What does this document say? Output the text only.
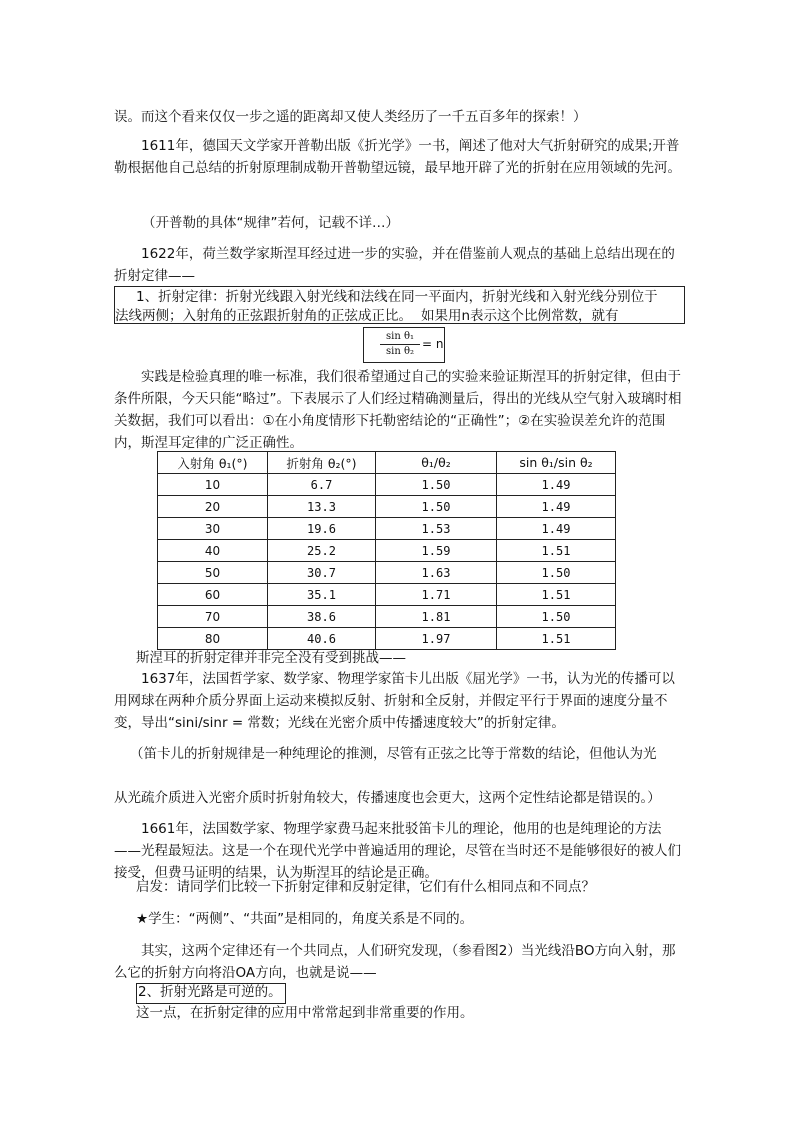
误。而这个看来仅仅一步之遥的距离却又使人类经历了一千五百多年的探索！）
1611年，德国天文学家开普勒出版《折光学》一书，阐述了他对大气折射研究的成果;开普勒根据他自己总结的折射原理制成勒开普勒望远镜，最早地开辟了光的折射在应用领域的先河。
（开普勒的具体“规律”若何，记载不详…）
1622年，荷兰数学家斯涅耳经过进一步的实验，并在借鉴前人观点的基础上总结出现在的折射定律——
1、折射定律：折射光线跟入射光线和法线在同一平面内，折射光线和入射光线分别位于
法线两侧；入射角的正弦跟折射角的正弦成正比。 如果用n表示这个比例常数，就有
$\frac{\text{sin θ₁}}{\text{sin θ₂}} = n$
实践是检验真理的唯一标准，我们很希望通过自己的实验来验证斯涅耳的折射定律，但由于条件所限，今天只能“略过”。下表展示了人们经过精确测量后，得出的光线从空气射入玻璃时相关数据，我们可以看出：①在小角度情形下托勒密结论的“正确性”；②在实验误差允许的范围内，斯涅耳定律的广泛正确性。
入射角 θ₁(°)	折射角 θ₂(°)	θ₁/θ₂	sin θ₁/sin θ₂
10	6.7	1.50	1.49
20	13.3	1.50	1.49
30	19.6	1.53	1.49
40	25.2	1.59	1.51
50	30.7	1.63	1.50
60	35.1	1.71	1.51
70	38.6	1.81	1.50
80	40.6	1.97	1.51
斯涅耳的折射定律并非完全没有受到挑战——
1637年，法国哲学家、数学家、物理学家笛卡儿出版《屈光学》一书，认为光的传播可以用网球在两种介质分界面上运动来模拟反射、折射和全反射，并假定平行于界面的速度分量不变，导出“sini/sinr = 常数；光线在光密介质中传播速度较大”的折射定律。
（笛卡儿的折射规律是一种纯理论的推测，尽管有正弦之比等于常数的结论，但他认为光
从光疏介质进入光密介质时折射角较大，传播速度也会更大，这两个定性结论都是错误的。）
1661年，法国数学家、物理学家费马起来批驳笛卡儿的理论，他用的也是纯理论的方法——光程最短法。这是一个在现代光学中普遍适用的理论，尽管在当时还不是能够很好的被人们接受，但费马证明的结果，认为斯涅耳的结论是正确。
启发：请同学们比较一下折射定律和反射定律，它们有什么相同点和不同点？
★学生：“两侧”、“共面”是相同的，角度关系是不同的。
其实，这两个定律还有一个共同点，人们研究发现，（参看图2）当光线沿BO方向入射，那么它的折射方向将沿OA方向，也就是说——
2、折射光路是可逆的。
这一点，在折射定律的应用中常常起到非常重要的作用。
